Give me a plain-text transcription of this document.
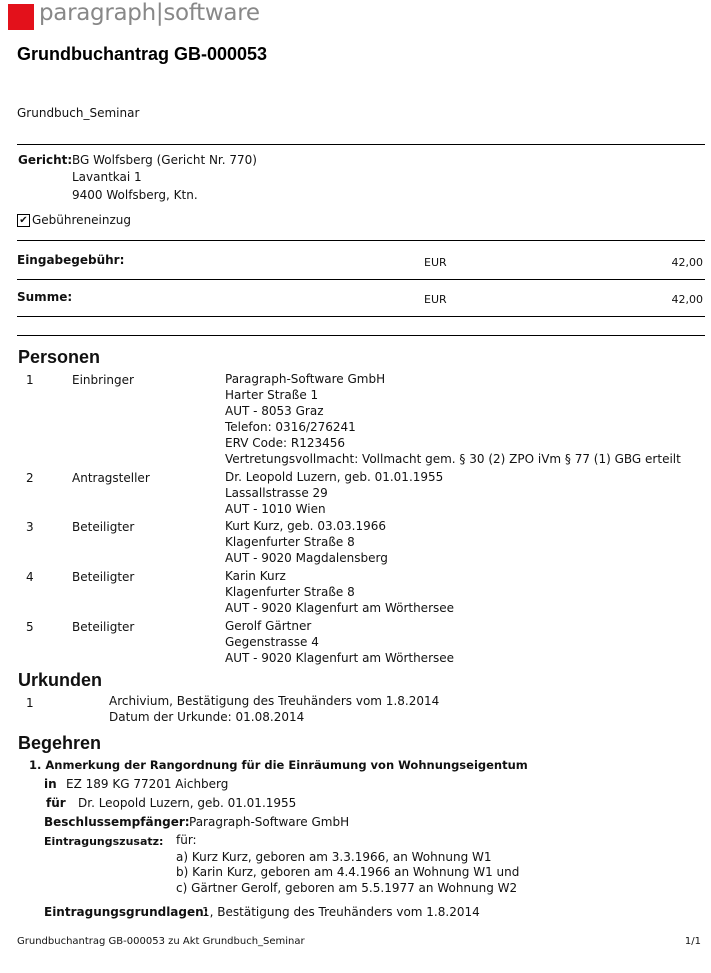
paragraph|software
Grundbuchantrag GB-000053
Grundbuch_Seminar
Gericht: BG Wolfsberg (Gericht Nr. 770)
Lavantkai 1
9400 Wolfsberg, Ktn.
✔ Gebühreneinzug
Eingabegebühr:	EUR	42,00
Summe:	EUR	42,00
Personen
1	Einbringer	Paragraph-Software GmbH
Harter Straße 1
AUT - 8053 Graz
Telefon: 0316/276241
ERV Code: R123456
Vertretungsvollmacht: Vollmacht gem. § 30 (2) ZPO iVm § 77 (1) GBG erteilt
2	Antragsteller	Dr. Leopold Luzern, geb. 01.01.1955
Lassallstrasse 29
AUT - 1010 Wien
3	Beteiligter	Kurt Kurz, geb. 03.03.1966
Klagenfurter Straße 8
AUT - 9020 Magdalensberg
4	Beteiligter	Karin Kurz
Klagenfurter Straße 8
AUT - 9020 Klagenfurt am Wörthersee
5	Beteiligter	Gerolf Gärtner
Gegenstrasse 4
AUT - 9020 Klagenfurt am Wörthersee
Urkunden
1	Archivium, Bestätigung des Treuhänders vom 1.8.2014
Datum der Urkunde: 01.08.2014
Begehren
1. Anmerkung der Rangordnung für die Einräumung von Wohnungseigentum
in EZ 189 KG 77201 Aichberg
für Dr. Leopold Luzern, geb. 01.01.1955
Beschlussempfänger: Paragraph-Software GmbH
Eintragungszusatz: für:
a) Kurz Kurz, geboren am 3.3.1966, an Wohnung W1
b) Karin Kurz, geboren am 4.4.1966 an Wohnung W1 und
c) Gärtner Gerolf, geboren am 5.5.1977 an Wohnung W2
Eintragungsgrundlagen:
1, Bestätigung des Treuhänders vom 1.8.2014
Grundbuchantrag GB-000053 zu Akt Grundbuch_Seminar	1/1
